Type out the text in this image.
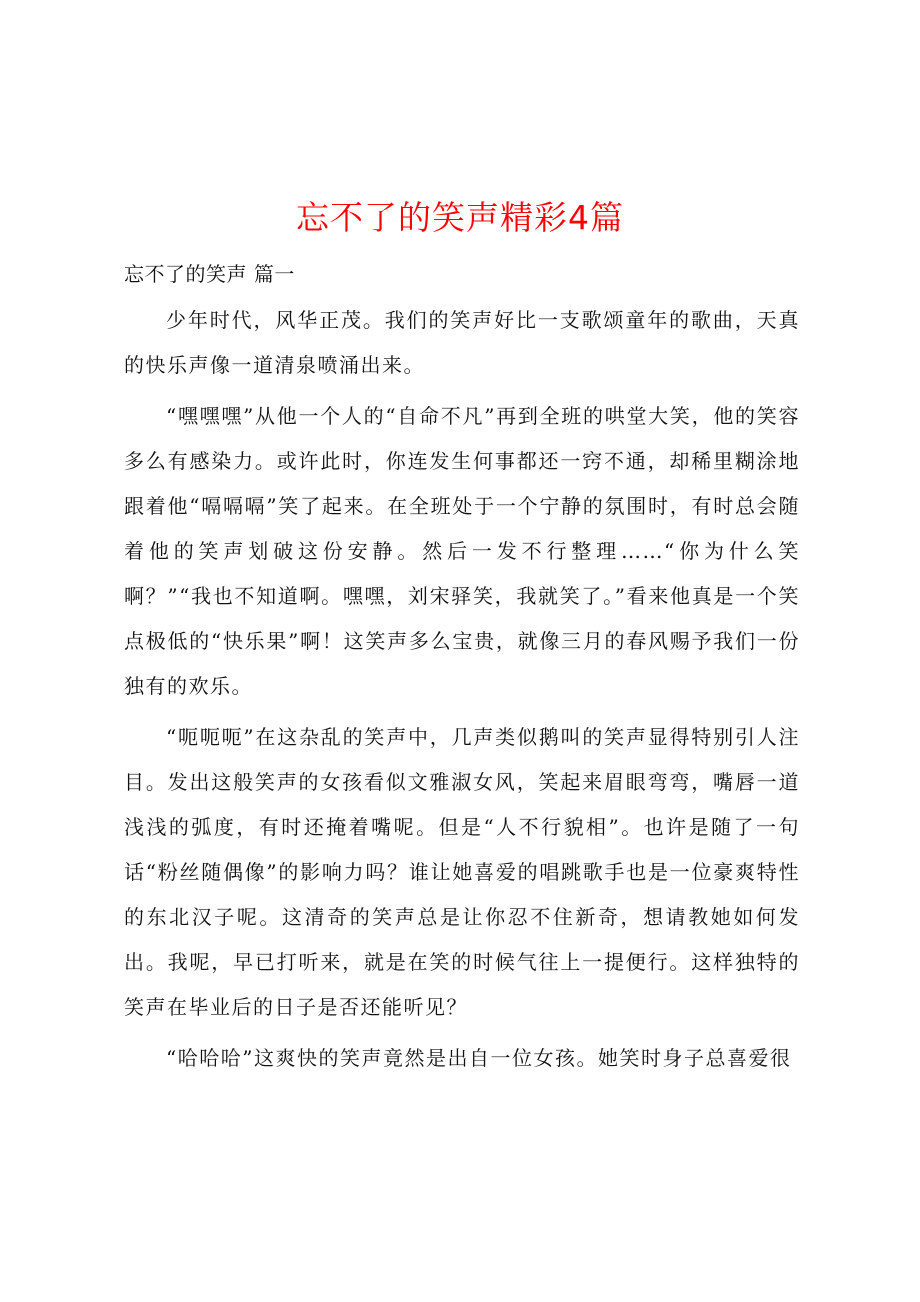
忘不了的笑声精彩4篇

忘不了的笑声 篇一

少年时代，风华正茂。我们的笑声好比一支歌颂童年的歌曲，天真的快乐声像一道清泉喷涌出来。

“嘿嘿嘿”从他一个人的“自命不凡”再到全班的哄堂大笑，他的笑容多么有感染力。或许此时，你连发生何事都还一窍不通，却稀里糊涂地跟着他“嗝嗝嗝”笑了起来。在全班处于一个宁静的氛围时，有时总会随着他的笑声划破这份安静。然后一发不行整理……“你为什么笑啊？”“我也不知道啊。嘿嘿，刘宋驿笑，我就笑了。”看来他真是一个笑点极低的“快乐果”啊！这笑声多么宝贵，就像三月的春风赐予我们一份独有的欢乐。

“呃呃呃”在这杂乱的笑声中，几声类似鹅叫的笑声显得特别引人注目。发出这般笑声的女孩看似文雅淑女风，笑起来眉眼弯弯，嘴唇一道浅浅的弧度，有时还掩着嘴呢。但是“人不行貌相”。也许是随了一句话“粉丝随偶像”的影响力吗？谁让她喜爱的唱跳歌手也是一位豪爽特性的东北汉子呢。这清奇的笑声总是让你忍不住新奇，想请教她如何发出。我呢，早已打听来，就是在笑的时候气往上一提便行。这样独特的笑声在毕业后的日子是否还能听见？

“哈哈哈”这爽快的笑声竟然是出自一位女孩。她笑时身子总喜爱很
